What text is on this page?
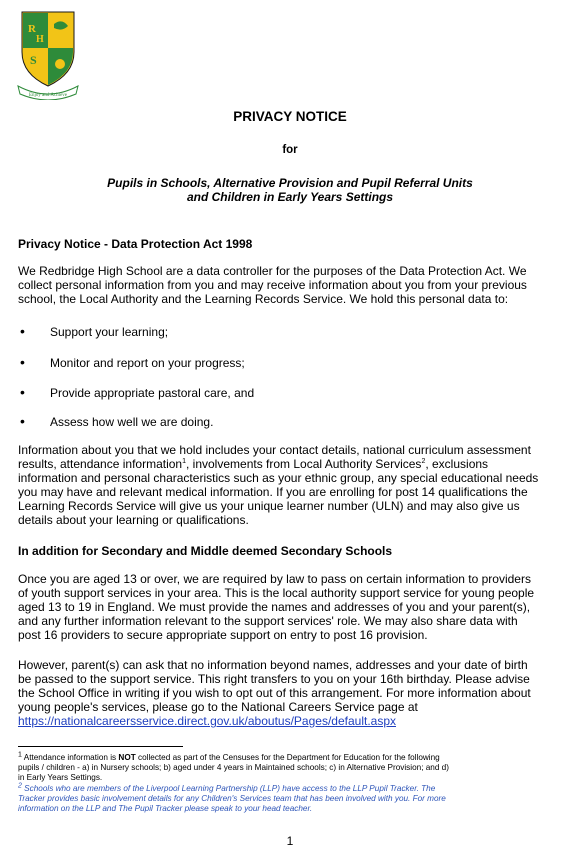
R
H
S
Enjoy and Achieve
PRIVACY NOTICE
for
Pupils in Schools, Alternative Provision and Pupil Referral Units
and Children in Early Years Settings
Privacy Notice - Data Protection Act 1998
We Redbridge High School are a data controller for the purposes of the Data Protection Act. We
collect personal information from you and may receive information about you from your previous
school, the Local Authority and the Learning Records Service. We hold this personal data to:
• Support your learning;
• Monitor and report on your progress;
• Provide appropriate pastoral care, and
• Assess how well we are doing.
Information about you that we hold includes your contact details, national curriculum assessment
results, attendance information$^1$, involvements from Local Authority Services$^2$, exclusions
information and personal characteristics such as your ethnic group, any special educational needs
you may have and relevant medical information. If you are enrolling for post 14 qualifications the
Learning Records Service will give us your unique learner number (ULN) and may also give us
details about your learning or qualifications.
In addition for Secondary and Middle deemed Secondary Schools
Once you are aged 13 or over, we are required by law to pass on certain information to providers
of youth support services in your area. This is the local authority support service for young people
aged 13 to 19 in England. We must provide the names and addresses of you and your parent(s),
and any further information relevant to the support services' role. We may also share data with
post 16 providers to secure appropriate support on entry to post 16 provision.
However, parent(s) can ask that no information beyond names, addresses and your date of birth
be passed to the support service. This right transfers to you on your 16th birthday. Please advise
the School Office in writing if you wish to opt out of this arrangement. For more information about
young people's services, please go to the National Careers Service page at
https://nationalcareersservice.direct.gov.uk/aboutus/Pages/default.aspx
$^1$ Attendance information is NOT collected as part of the Censuses for the Department for Education for the following
pupils / children - a) in Nursery schools; b) aged under 4 years in Maintained schools; c) in Alternative Provision; and d)
in Early Years Settings.
$^2$ Schools who are members of the Liverpool Learning Partnership (LLP) have access to the LLP Pupil Tracker. The
Tracker provides basic involvement details for any Children's Services team that has been involved with you. For more
information on the LLP and The Pupil Tracker please speak to your head teacher.
1
